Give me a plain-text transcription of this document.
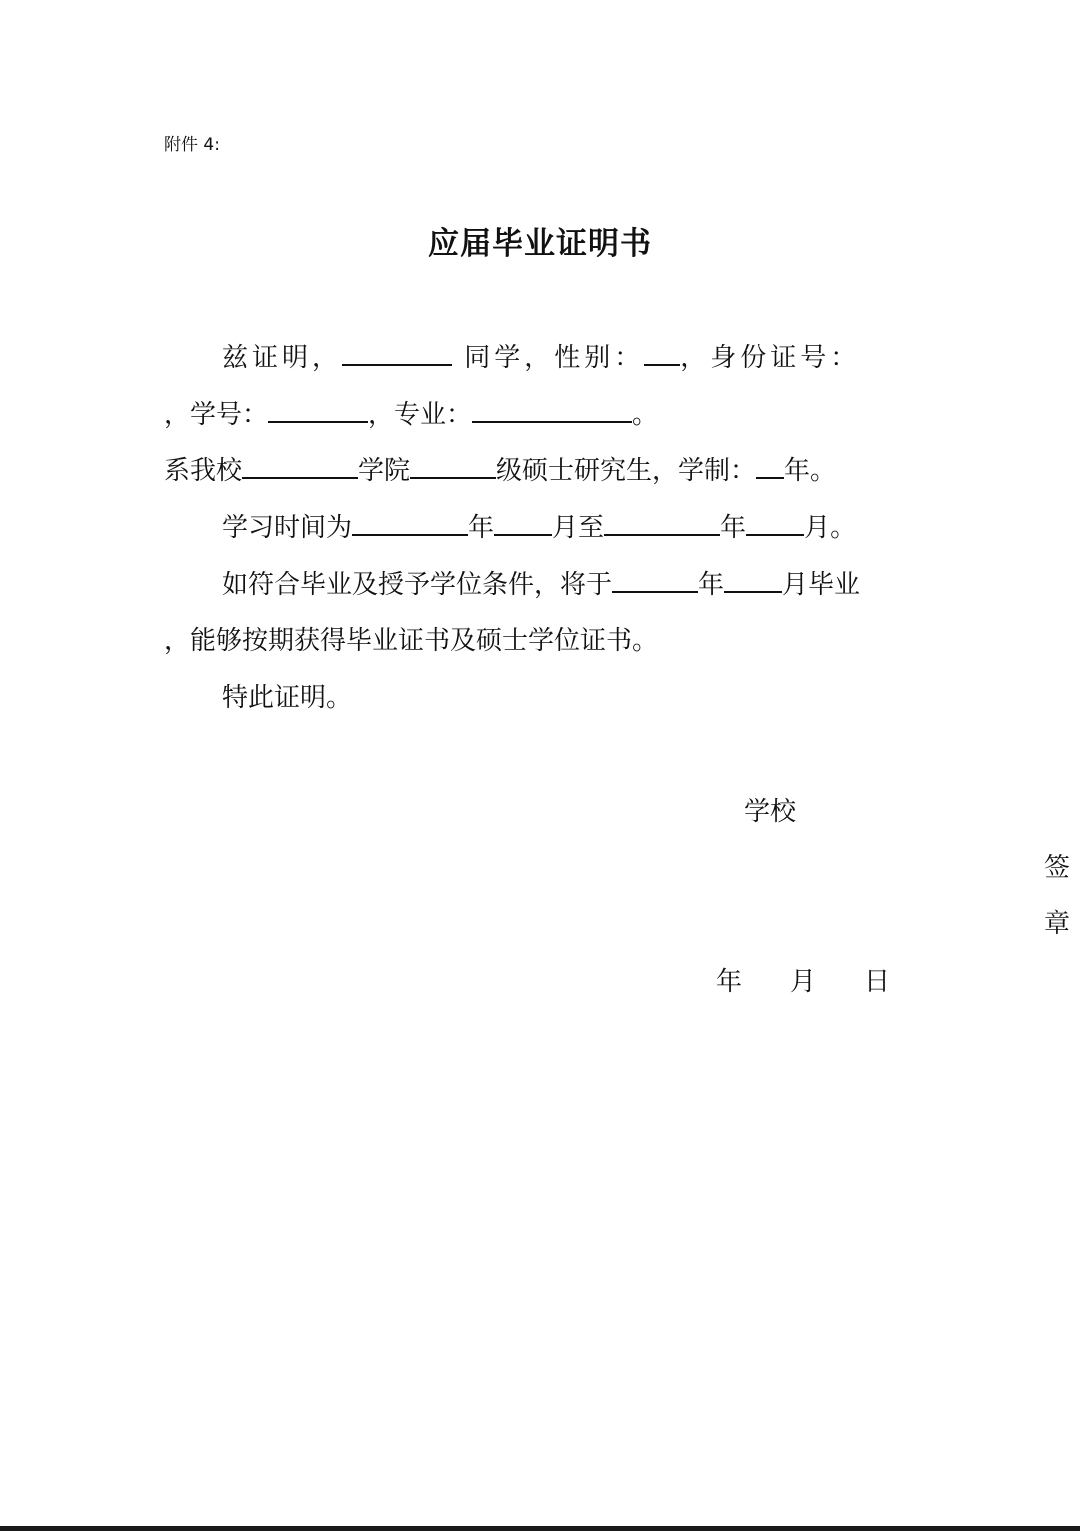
附件 4:
应届毕业证明书
兹证明，	同学，性别： ，身份证号：
，学号：	，专业：	。
系我校	学院	级硕士研究生，学制： 年。
学习时间为	年 月至	年 月。
如符合毕业及授予学位条件，将于	年 月毕业
，能够按期获得毕业证书及硕士学位证书。
特此证明。
学校
签
章
年 月 日
